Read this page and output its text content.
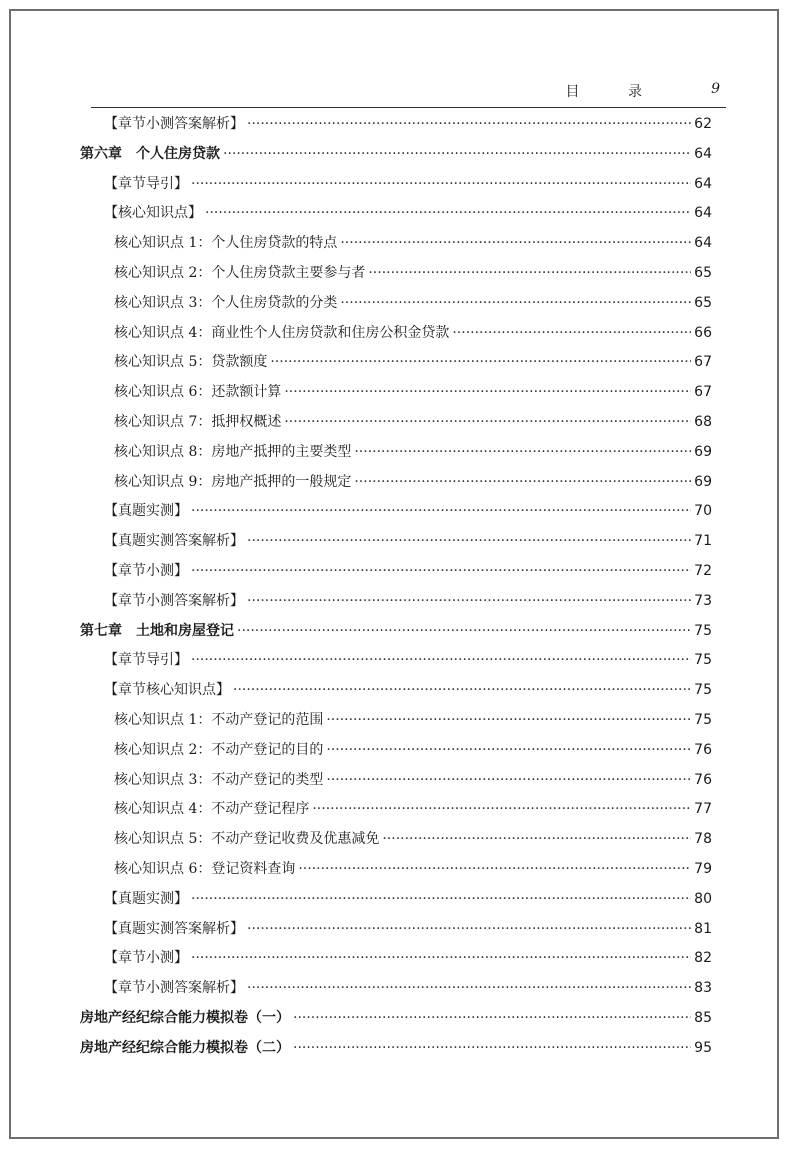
目 录	9
【章节小测答案解析】 ·····	62
第六章　个人住房贷款 ·····	64
【章节导引】 ·····	64
【核心知识点】 ·····	64
核心知识点 1：个人住房贷款的特点 ·····	64
核心知识点 2：个人住房贷款主要参与者 ·····	65
核心知识点 3：个人住房贷款的分类 ·····	65
核心知识点 4：商业性个人住房贷款和住房公积金贷款 ·····	66
核心知识点 5：贷款额度 ·····	67
核心知识点 6：还款额计算 ·····	67
核心知识点 7：抵押权概述 ·····	68
核心知识点 8：房地产抵押的主要类型 ·····	69
核心知识点 9：房地产抵押的一般规定 ·····	69
【真题实测】 ·····	70
【真题实测答案解析】 ·····	71
【章节小测】 ·····	72
【章节小测答案解析】 ·····	73
第七章　土地和房屋登记 ·····	75
【章节导引】 ·····	75
【章节核心知识点】 ·····	75
核心知识点 1：不动产登记的范围 ·····	75
核心知识点 2：不动产登记的目的 ·····	76
核心知识点 3：不动产登记的类型 ·····	76
核心知识点 4：不动产登记程序 ·····	77
核心知识点 5：不动产登记收费及优惠减免 ·····	78
核心知识点 6：登记资料查询 ·····	79
【真题实测】 ·····	80
【真题实测答案解析】 ·····	81
【章节小测】 ·····	82
【章节小测答案解析】 ·····	83
房地产经纪综合能力模拟卷（一） ·····	85
房地产经纪综合能力模拟卷（二） ·····	95
